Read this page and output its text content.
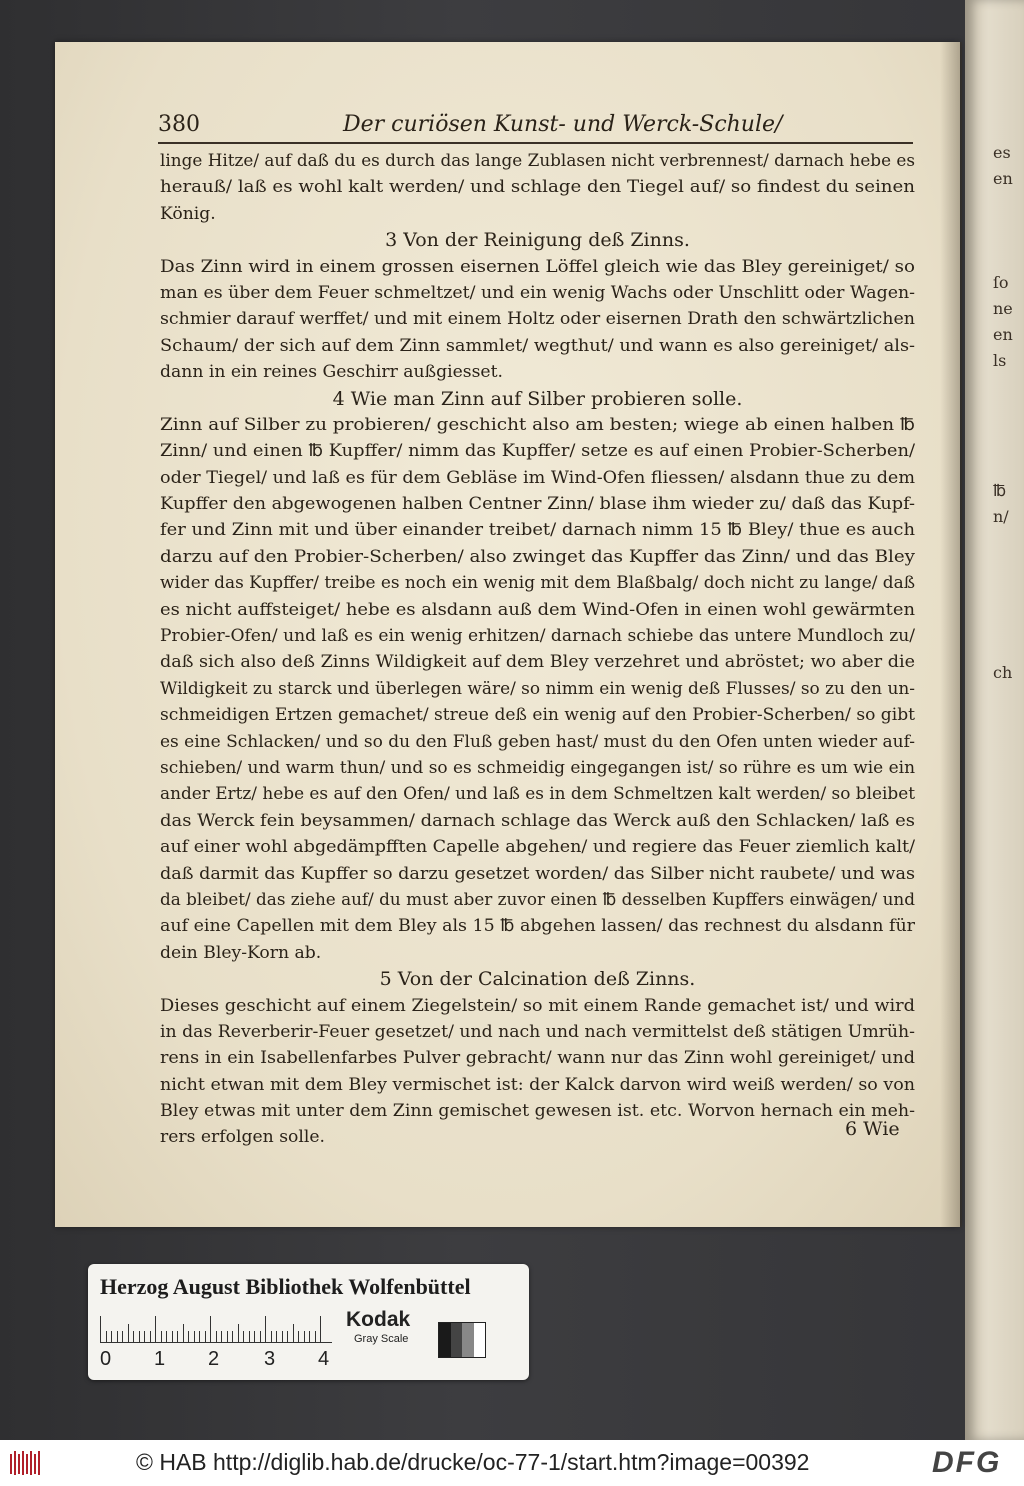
es
en
ſo
ne
en
ls
℔
n/
ch
380	Der curiösen Kunst- und Werck-Schule/
linge Hitze/ auf daß du es durch das lange Zublasen nicht verbrennest/ darnach hebe es
herauß/ laß es wohl kalt werden/ und schlage den Tiegel auf/ so findest du seinen
König.
3 Von der Reinigung deß Zinns.
Das Zinn wird in einem grossen eisernen Löffel gleich wie das Bley gereiniget/ so
man es über dem Feuer schmeltzet/ und ein wenig Wachs oder Unschlitt oder Wagen-
schmier darauf werffet/ und mit einem Holtz oder eisernen Drath den schwärtzlichen
Schaum/ der sich auf dem Zinn sammlet/ wegthut/ und wann es also gereiniget/ als-
dann in ein reines Geschirr außgiesset.
4 Wie man Zinn auf Silber probieren solle.
Zinn auf Silber zu probieren/ geschicht also am besten; wiege ab einen halben ℔
Zinn/ und einen ℔ Kupffer/ nimm das Kupffer/ setze es auf einen Probier-Scherben/
oder Tiegel/ und laß es für dem Gebläse im Wind-Ofen fliessen/ alsdann thue zu dem
Kupffer den abgewogenen halben Centner Zinn/ blase ihm wieder zu/ daß das Kupf-
fer und Zinn mit und über einander treibet/ darnach nimm 15 ℔ Bley/ thue es auch
darzu auf den Probier-Scherben/ also zwinget das Kupffer das Zinn/ und das Bley
wider das Kupffer/ treibe es noch ein wenig mit dem Blaßbalg/ doch nicht zu lange/ daß
es nicht auffsteiget/ hebe es alsdann auß dem Wind-Ofen in einen wohl gewärmten
Probier-Ofen/ und laß es ein wenig erhitzen/ darnach schiebe das untere Mundloch zu/
daß sich also deß Zinns Wildigkeit auf dem Bley verzehret und abröstet; wo aber die
Wildigkeit zu starck und überlegen wäre/ so nimm ein wenig deß Flusses/ so zu den un-
schmeidigen Ertzen gemachet/ streue deß ein wenig auf den Probier-Scherben/ so gibt
es eine Schlacken/ und so du den Fluß geben hast/ must du den Ofen unten wieder auf-
schieben/ und warm thun/ und so es schmeidig eingegangen ist/ so rühre es um wie ein
ander Ertz/ hebe es auf den Ofen/ und laß es in dem Schmeltzen kalt werden/ so bleibet
das Werck fein beysammen/ darnach schlage das Werck auß den Schlacken/ laß es
auf einer wohl abgedämpfften Capelle abgehen/ und regiere das Feuer ziemlich kalt/
daß darmit das Kupffer so darzu gesetzet worden/ das Silber nicht raubete/ und was
da bleibet/ das ziehe auf/ du must aber zuvor einen ℔ desselben Kupffers einwägen/ und
auf eine Capellen mit dem Bley als 15 ℔ abgehen lassen/ das rechnest du alsdann für
dein Bley-Korn ab.
5 Von der Calcination deß Zinns.
Dieses geschicht auf einem Ziegelstein/ so mit einem Rande gemachet ist/ und wird
in das Reverberir-Feuer gesetzet/ und nach und nach vermittelst deß stätigen Umrüh-
rens in ein Isabellenfarbes Pulver gebracht/ wann nur das Zinn wohl gereiniget/ und
nicht etwan mit dem Bley vermischet ist: der Kalck darvon wird weiß werden/ so von
Bley etwas mit unter dem Zinn gemischet gewesen ist. etc. Worvon hernach ein meh-
rers erfolgen solle.	6 Wie
Herzog August Bibliothek Wolfenbüttel
0 1 2 3 4
Kodak
Gray Scale
© HAB http://diglib.hab.de/drucke/oc-77-1/start.htm?image=00392	DFG
